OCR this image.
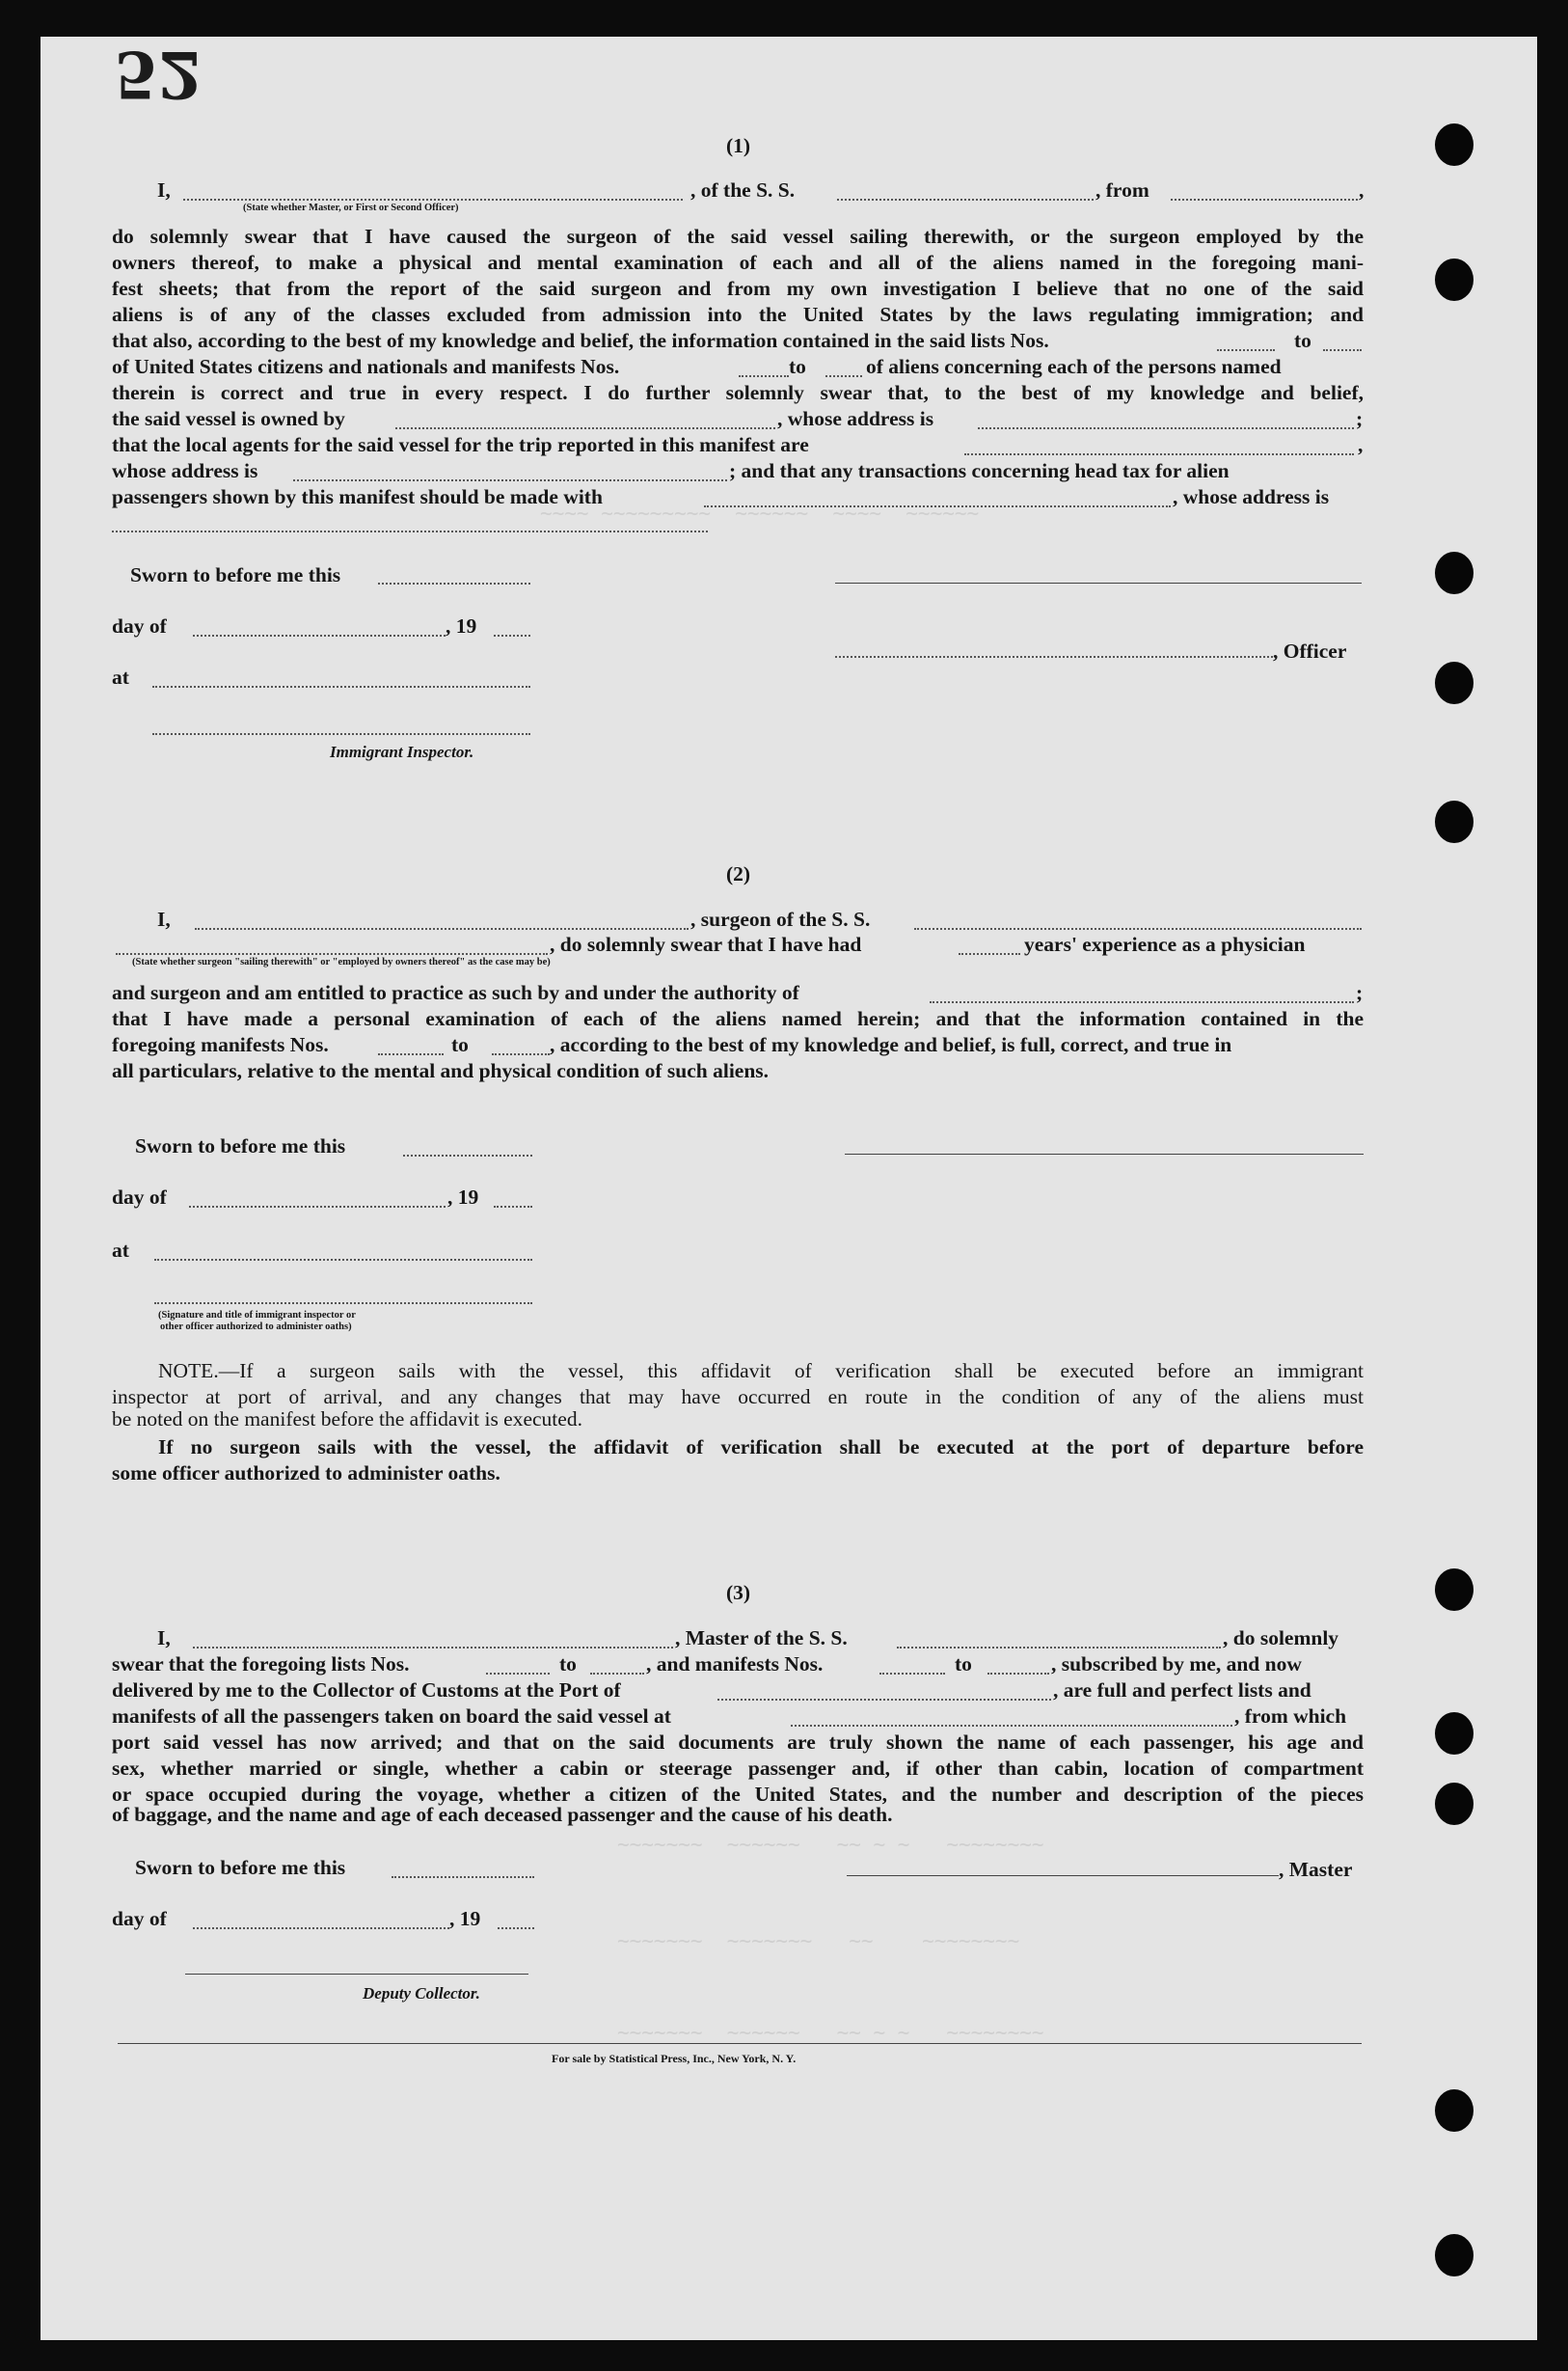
52
~~~~ ~~~~~~~~~  ~~~~~~  ~~~~  ~~~~~~
~~~~~~~  ~~~~~~   ~~ ~ ~   ~~~~~~~~
~~~~~~~  ~~~~~~~   ~~    ~~~~~~~~
~~~~~~~  ~~~~~~   ~~ ~ ~   ~~~~~~~~
(1)
I,	, of the S. S.	, from	,
(State whether Master, or First or Second Officer)
do solemnly swear that I have caused the surgeon of the said vessel sailing therewith, or the surgeon employed by the
owners thereof, to make a physical and mental examination of each and all of the aliens named in the foregoing mani-
fest sheets; that from the report of the said surgeon and from my own investigation I believe that no one of the said
aliens is of any of the classes excluded from admission into the United States by the laws regulating immigration; and
that also, according to the best of my knowledge and belief, the information contained in the said lists Nos.	to
of United States citizens and nationals and manifests Nos.	to	of aliens concerning each of the persons named
therein is correct and true in every respect. I do further solemnly swear that, to the best of my knowledge and belief,
the said vessel is owned by	, whose address is	;
that the local agents for the said vessel for the trip reported in this manifest are	,
whose address is	; and that any transactions concerning head tax for alien
passengers shown by this manifest should be made with	, whose address is
Sworn to before me this
day of	, 19
, Officer
at
Immigrant Inspector.
(2)
I,	, surgeon of the S. S.
, do solemnly swear that I have had	years' experience as a physician
(State whether surgeon "sailing therewith" or "employed by owners thereof" as the case may be)
and surgeon and am entitled to practice as such by and under the authority of	;
that I have made a personal examination of each of the aliens named herein; and that the information contained in the
foregoing manifests Nos.	to	, according to the best of my knowledge and belief, is full, correct, and true in
all particulars, relative to the mental and physical condition of such aliens.
Sworn to before me this
day of	, 19
at
(Signature and title of immigrant inspector or
other officer authorized to administer oaths)
NOTE.—If a surgeon sails with the vessel, this affidavit of verification shall be executed before an immigrant
inspector at port of arrival, and any changes that may have occurred en route in the condition of any of the aliens must
be noted on the manifest before the affidavit is executed.
If no surgeon sails with the vessel, the affidavit of verification shall be executed at the port of departure before
some officer authorized to administer oaths.
(3)
I,	, Master of the S. S.	, do solemnly
swear that the foregoing lists Nos.	to	, and manifests Nos.	to	, subscribed by me, and now
delivered by me to the Collector of Customs at the Port of	, are full and perfect lists and
manifests of all the passengers taken on board the said vessel at	, from which
port said vessel has now arrived; and that on the said documents are truly shown the name of each passenger, his age and
sex, whether married or single, whether a cabin or steerage passenger and, if other than cabin, location of compartment
or space occupied during the voyage, whether a citizen of the United States, and the number and description of the pieces
of baggage, and the name and age of each deceased passenger and the cause of his death.
Sworn to before me this	, Master
day of	, 19
Deputy Collector.
For sale by Statistical Press, Inc., New York, N. Y.
